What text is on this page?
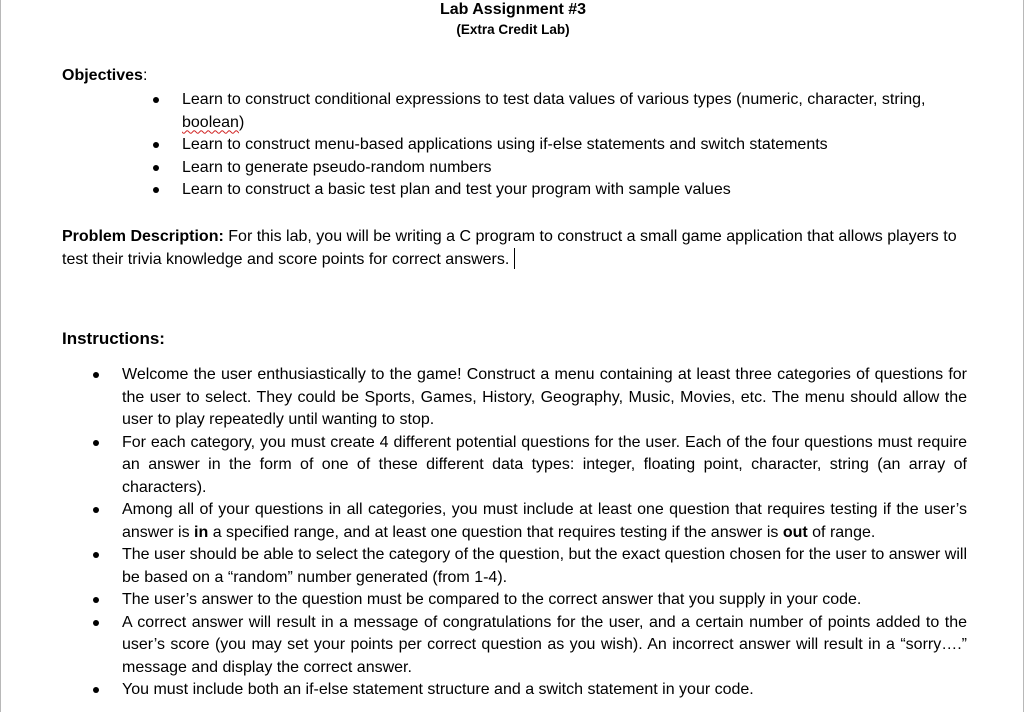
Lab Assignment #3
(Extra Credit Lab)
Objectives:
Learn to construct conditional expressions to test data values of various types (numeric, character, string, boolean)
Learn to construct menu-based applications using if-else statements and switch statements
Learn to generate pseudo-random numbers
Learn to construct a basic test plan and test your program with sample values
Problem Description: For this lab, you will be writing a C program to construct a small game application that allows players to test their trivia knowledge and score points for correct answers.
Instructions:
Welcome the user enthusiastically to the game! Construct a menu containing at least three categories of questions for the user to select. They could be Sports, Games, History, Geography, Music, Movies, etc. The menu should allow the user to play repeatedly until wanting to stop.
For each category, you must create 4 different potential questions for the user. Each of the four questions must require an answer in the form of one of these different data types: integer, floating point, character, string (an array of characters).
Among all of your questions in all categories, you must include at least one question that requires testing if the user’s answer is in a specified range, and at least one question that requires testing if the answer is out of range.
The user should be able to select the category of the question, but the exact question chosen for the user to answer will be based on a “random” number generated (from 1-4).
The user’s answer to the question must be compared to the correct answer that you supply in your code.
A correct answer will result in a message of congratulations for the user, and a certain number of points added to the user’s score (you may set your points per correct question as you wish). An incorrect answer will result in a “sorry….” message and display the correct answer.
You must include both an if-else statement structure and a switch statement in your code.
